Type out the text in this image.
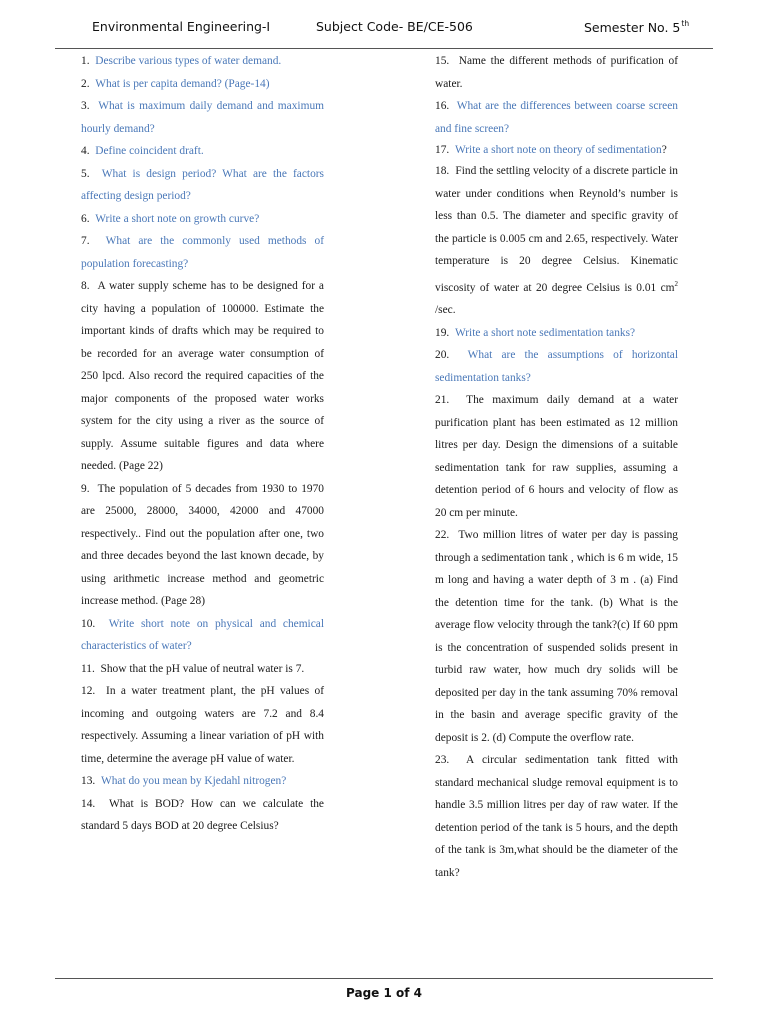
Environmental Engineering-I	Subject Code- BE/CE-506	Semester No. 5th

1. Describe various types of water demand.

2. What is per capita demand? (Page-14)

3. What is maximum daily demand and maximum hourly demand?

4. Define coincident draft.

5. What is design period? What are the factors affecting design period?

6. Write a short note on growth curve?

7. What are the commonly used methods of population forecasting?

8. A water supply scheme has to be designed for a city having a population of 100000. Estimate the important kinds of drafts which may be required to be recorded for an average water consumption of 250 lpcd. Also record the required capacities of the major components of the proposed water works system for the city using a river as the source of supply. Assume suitable figures and data where needed. (Page 22)

9. The population of 5 decades from 1930 to 1970 are 25000, 28000, 34000, 42000 and 47000 respectively.. Find out the population after one, two and three decades beyond the last known decade, by using arithmetic increase method and geometric increase method. (Page 28)

10. Write short note on physical and chemical characteristics of water?

11. Show that the pH value of neutral water is 7.

12. In a water treatment plant, the pH values of incoming and outgoing waters are 7.2 and 8.4 respectively. Assuming a linear variation of pH with time, determine the average pH value of water.

13. What do you mean by Kjedahl nitrogen?

14. What is BOD? How can we calculate the standard 5 days BOD at 20 degree Celsius?

15. Name the different methods of purification of water.

16. What are the differences between coarse screen and fine screen?

17. Write a short note on theory of sedimentation?

18. Find the settling velocity of a discrete particle in water under conditions when Reynold’s number is less than 0.5. The diameter and specific gravity of the particle is 0.005 cm and 2.65, respectively. Water temperature is 20 degree Celsius. Kinematic viscosity of water at 20 degree Celsius is 0.01 $cm^2$ /sec.

19. Write a short note sedimentation tanks?

20. What are the assumptions of horizontal sedimentation tanks?

21. The maximum daily demand at a water purification plant has been estimated as 12 million litres per day. Design the dimensions of a suitable sedimentation tank for raw supplies, assuming a detention period of 6 hours and velocity of flow as 20 cm per minute.

22. Two million litres of water per day is passing through a sedimentation tank , which is 6 m wide, 15 m long and having a water depth of 3 m . (a) Find the detention time for the tank. (b) What is the average flow velocity through the tank?(c) If 60 ppm is the concentration of suspended solids present in turbid raw water, how much dry solids will be deposited per day in the tank assuming 70% removal in the basin and average specific gravity of the deposit is 2. (d) Compute the overflow rate.

23. A circular sedimentation tank fitted with standard mechanical sludge removal equipment is to handle 3.5 million litres per day of raw water. If the detention period of the tank is 5 hours, and the depth of the tank is 3m,what should be the diameter of the tank?

Page 1 of 4
